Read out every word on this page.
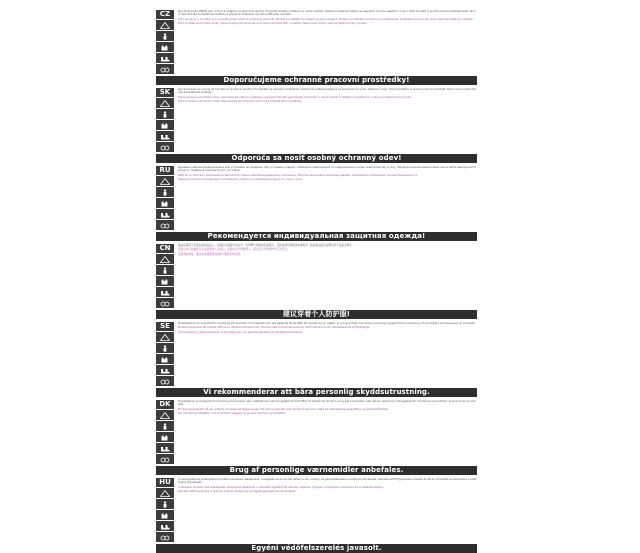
CZ	Sprchové kouty KERMI jsou určeny k instalaci na sprchové vaničky. Při přední aplikaci instalace je nutné dodržet instalační předpisy týkající se napojení na vodu, elektřinu a plyn. Před montáží si prosím pečlivě přečtěte tento návod. Zkontrolujte kompletnost dodávky a případné poškození výrobku ještě před montáží.
Práci spojenou s montáží smí provádět pouze odborně vyškolený personál. Montáž provádějte minimálně ve dvou osobách. Dbejte na dostatečnou ochranu a bezpečnost. Kvalifikace pracovníků musí odpovídat platným normám.
Před montáží sprchového koutu doporučujeme zkontrolovat rovinnost a kolmost stěn a podlahy. Nerovnosti mohou vést ke špatné funkci výrobku.
Doporučujeme ochranné pracovní prostředky!
SK	Sprchové kúty sú určené na montáž na sprchové vaničky. Pri inštalácii je potrebné dodržiavať inštalačné predpisy týkajúce sa pripojenia na vodu, elektrinu a plyn. Pred montážou si prosím pozorne prečítajte tento návod a skontrolujte kompletnosť dodávky.
Prácu spojenú s montážou smie vykonávať iba odborne vyškolený personál. Montáž vykonávajte minimálne v dvoch osobách. Dbajte na dostatočnú ochranu a bezpečnosť pri práci.
Pred montážou sprchového kúta odporúčame skontrolovať rovinnosť a kolmosť stien a podlahy.
Odporúča sa nosiť osobný ochranný odev!
RU	Душевые кабины предназначены для установки на поддоны. При установке следует соблюдать предписания по подключению к воде, электричеству и газу. Перед монтажом внимательно прочитайте данную инструкцию и проверьте комплектность поставки.
Работы по монтажу разрешается выполнять только квалифицированному персоналу. Монтаж выполняйте минимум вдвоём. Соблюдайте требования техники безопасности.
Перед монтажом рекомендуется проверить ровность и перпендикулярность стен и пола.
Рекомендуется индивидуальная защитная одежда!
CN	淋浴房适用于安装在淋浴底盘上。安装时必须遵守有关水、电和燃气连接的安装规定。安装前请仔细阅读本说明书，检查供货是否完整以及产品是否损坏。
安装工作只能由经过专业培训的人员进行。安装时至少需要两人。请注意充分的防护和工作安全。
安装淋浴房前，建议检查墙面和地面的平整度和垂直度。
建议穿着个人防护服!
SE	Duschkabinen är avsedda för montering på duschkar. Vid installationen ska gällande föreskrifter för anslutning av vatten, el och gas följas. Läs denna anvisning noggrant före montering och kontrollera att leveransen är komplett.
Monteringsarbetet får endast utföras av utbildad fackpersonal. Montera alltid minst två personer. Se till att skydd och arbetssäkerhet är tillräckliga.
Före montering rekommenderar vi att väggarnas och golvets planhet och lodräthet kontrolleras.
Vi rekommenderar att bära personlig skyddsutrustning.
DK	Brusekabiner er beregnet til montering på brusekar. Ved installationen skal de gældende forskrifter for tilslutning af vand, el og gas overholdes. Læs denne vejledning omhyggeligt før montering og kontroller at leverancen er komplet.
Monteringsarbejdet må kun udføres af uddannet fagpersonale. Montering skal ske med mindst to personer. Sørg for tilstrækkelig beskyttelse og arbejdssikkerhed.
Før montering anbefaler vi at kontrollere vægges og gulvets planhed og lodrethed.
Brug af personlige værnemidler anbefales.
HU	A zuhanykabinok zuhanytálcára történő szerelésre alkalmasak. A beépítés során be kell tartani a víz-, villany- és gázcsatlakozásra vonatkozó előírásokat. Szerelés előtt figyelmesen olvassa el ezt az útmutatót és ellenőrizze a szállítmány teljességét.
A szerelési munkát csak szakképzett személyzet végezheti. A szerelést legalább két személy végezze. Ügyeljen a megfelelő védelemre és munkabiztonságra.
Szerelés előtt javasoljuk a falak és a padló síkságának és függőlegességének ellenőrzését.
Egyéni védőfelszerelés javasolt.
